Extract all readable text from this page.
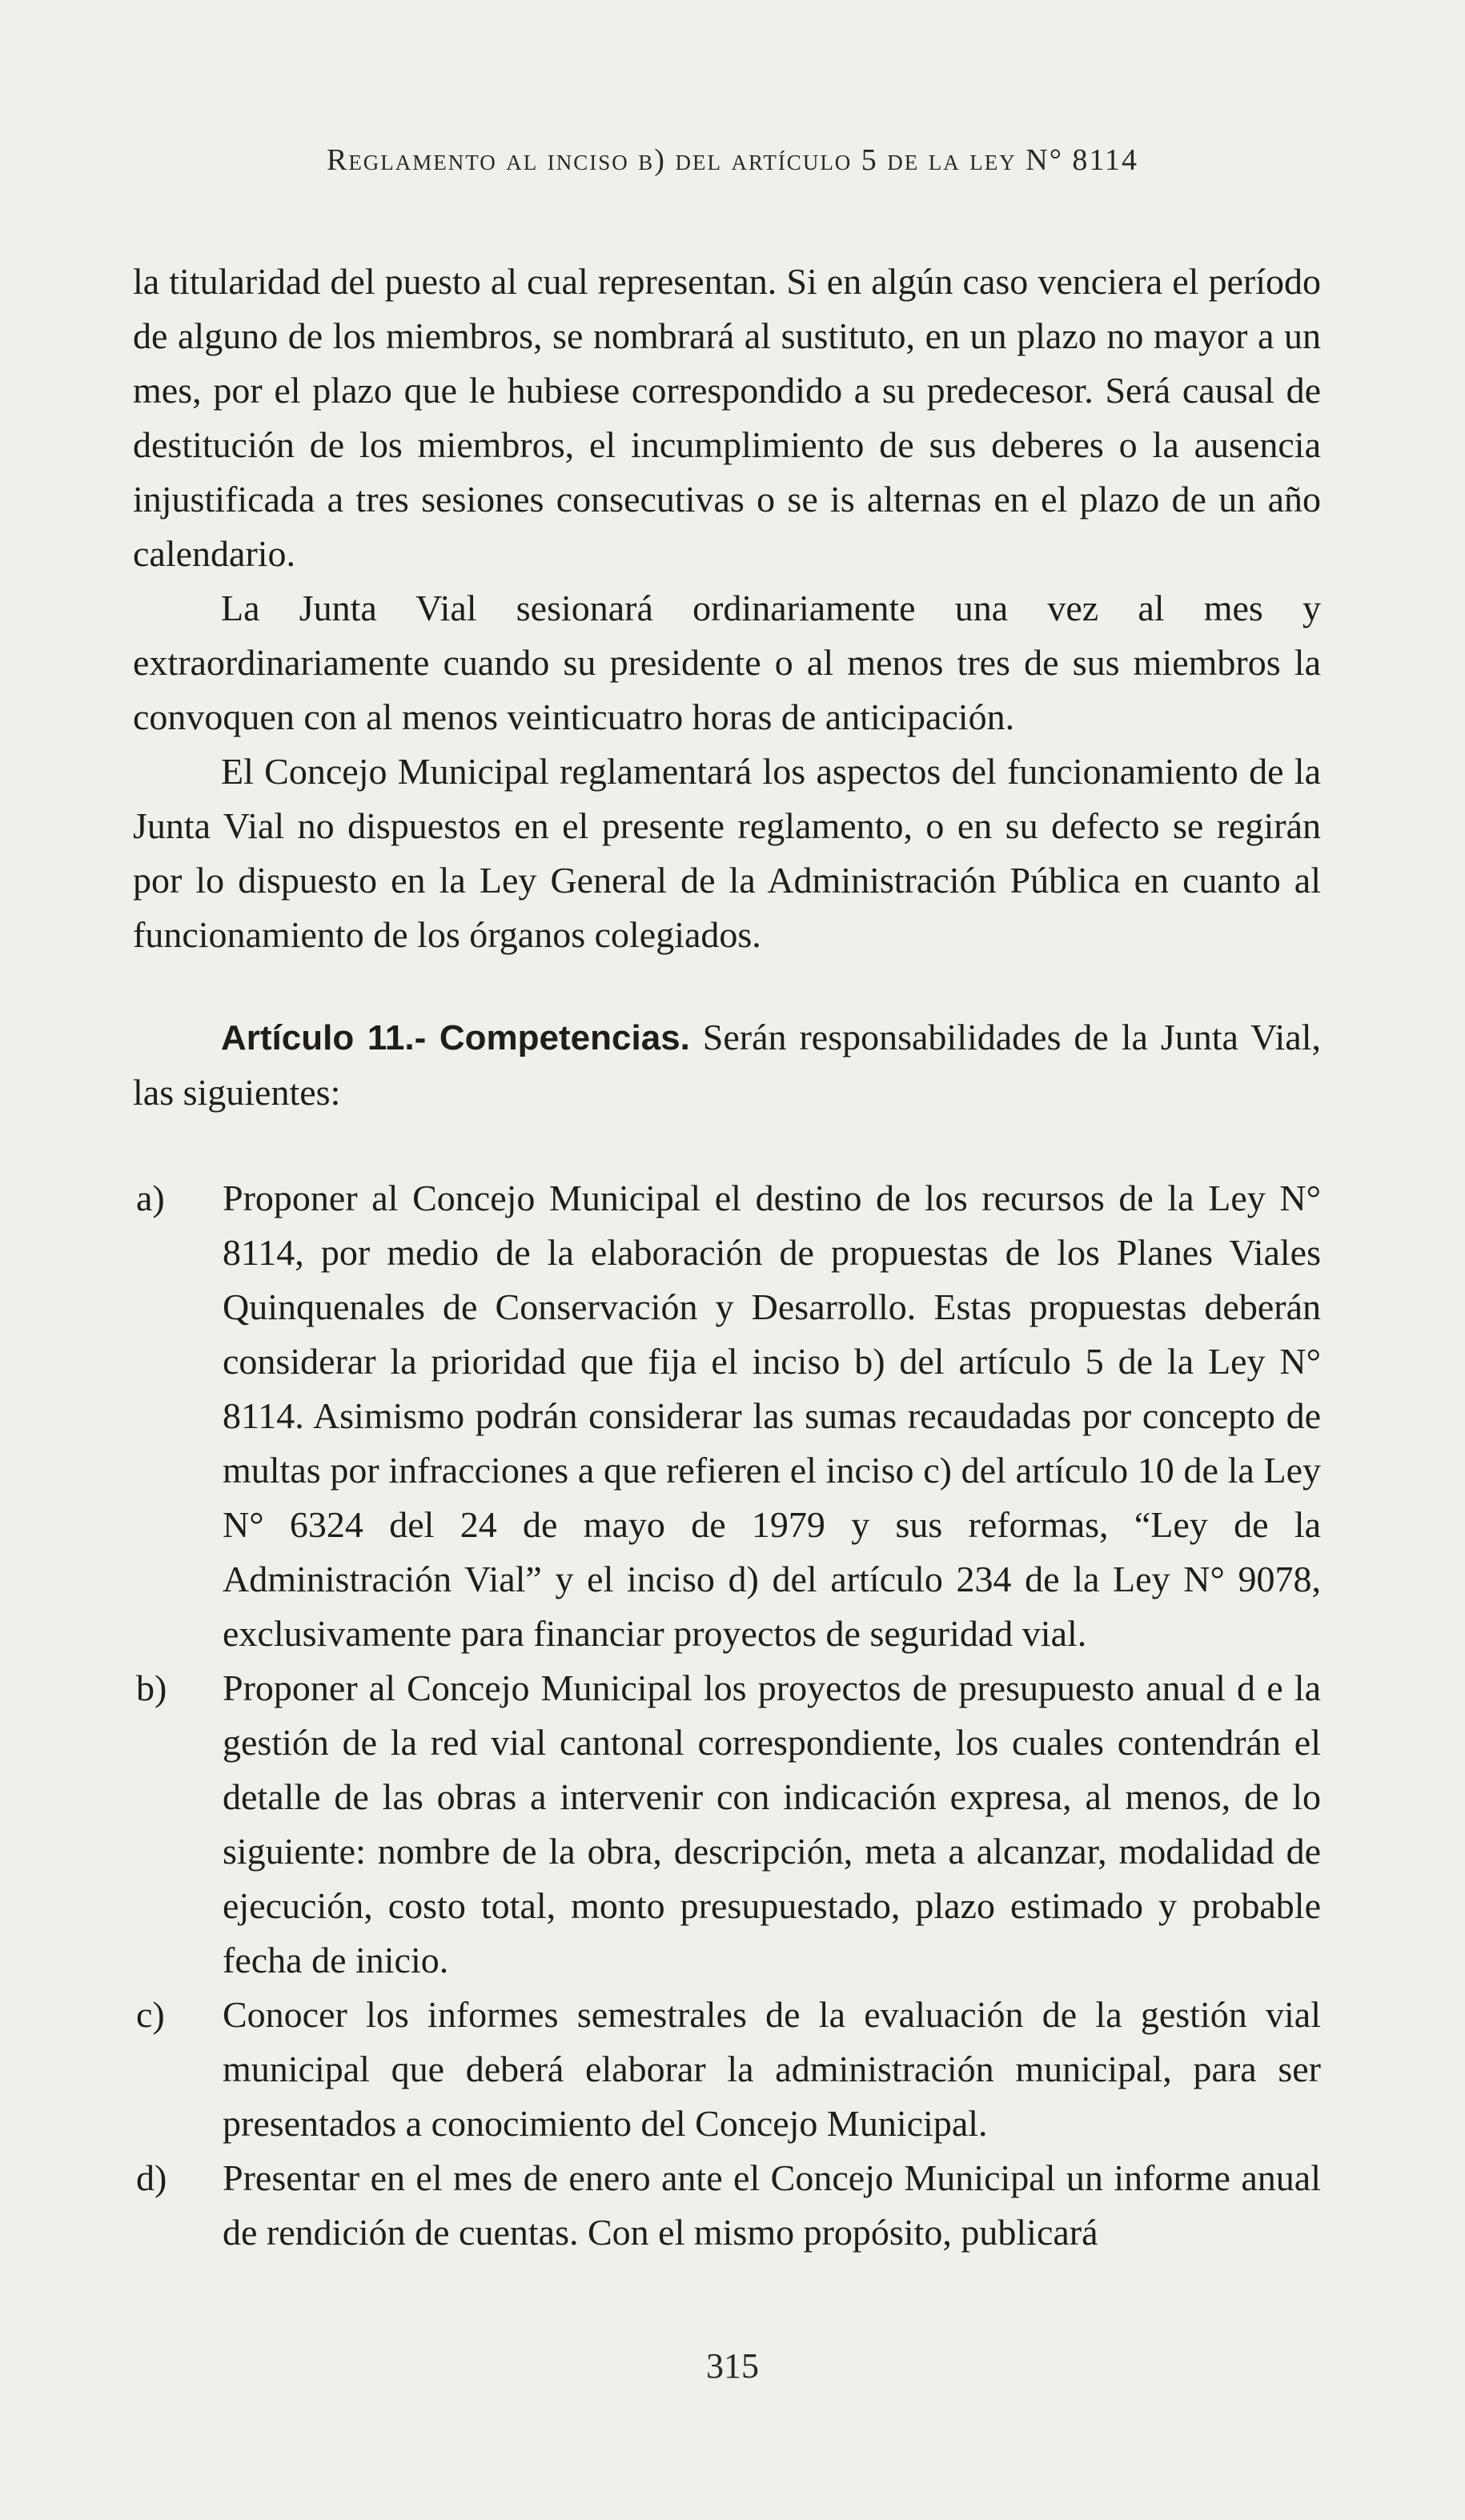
Reglamento al inciso b) del artículo 5 de la ley N° 8114

la titularidad del puesto al cual representan. Si en algún caso venciera el período de alguno de los miembros, se nombrará al sustituto, en un plazo no mayor a un mes, por el plazo que le hubiese correspondido a su predecesor. Será causal de destitución de los miembros, el incumplimiento de sus deberes o la ausencia injustificada a tres sesiones consecutivas o se is alternas en el plazo de un año calendario.

La Junta Vial sesionará ordinariamente una vez al mes y extraordinariamente cuando su presidente o al menos tres de sus miembros la convoquen con al menos veinticuatro horas de anticipación.

El Concejo Municipal reglamentará los aspectos del funcionamiento de la Junta Vial no dispuestos en el presente reglamento, o en su defecto se regirán por lo dispuesto en la Ley General de la Administración Pública en cuanto al funcionamiento de los órganos colegiados.

Artículo 11.- Competencias. Serán responsabilidades de la Junta Vial, las siguientes:

a) Proponer al Concejo Municipal el destino de los recursos de la Ley N° 8114, por medio de la elaboración de propuestas de los Planes Viales Quinquenales de Conservación y Desarrollo. Estas propuestas deberán considerar la prioridad que fija el inciso b) del artículo 5 de la Ley N° 8114. Asimismo podrán considerar las sumas recaudadas por concepto de multas por infracciones a que refieren el inciso c) del artículo 10 de la Ley N° 6324 del 24 de mayo de 1979 y sus reformas, “Ley de la Administración Vial” y el inciso d) del artículo 234 de la Ley N° 9078, exclusivamente para financiar proyectos de seguridad vial.
b) Proponer al Concejo Municipal los proyectos de presupuesto anual d e la gestión de la red vial cantonal correspondiente, los cuales contendrán el detalle de las obras a intervenir con indicación expresa, al menos, de lo siguiente: nombre de la obra, descripción, meta a alcanzar, modalidad de ejecución, costo total, monto presupuestado, plazo estimado y probable fecha de inicio.
c) Conocer los informes semestrales de la evaluación de la gestión vial municipal que deberá elaborar la administración municipal, para ser presentados a conocimiento del Concejo Municipal.
d) Presentar en el mes de enero ante el Concejo Municipal un informe anual de rendición de cuentas. Con el mismo propósito, publicará
315
